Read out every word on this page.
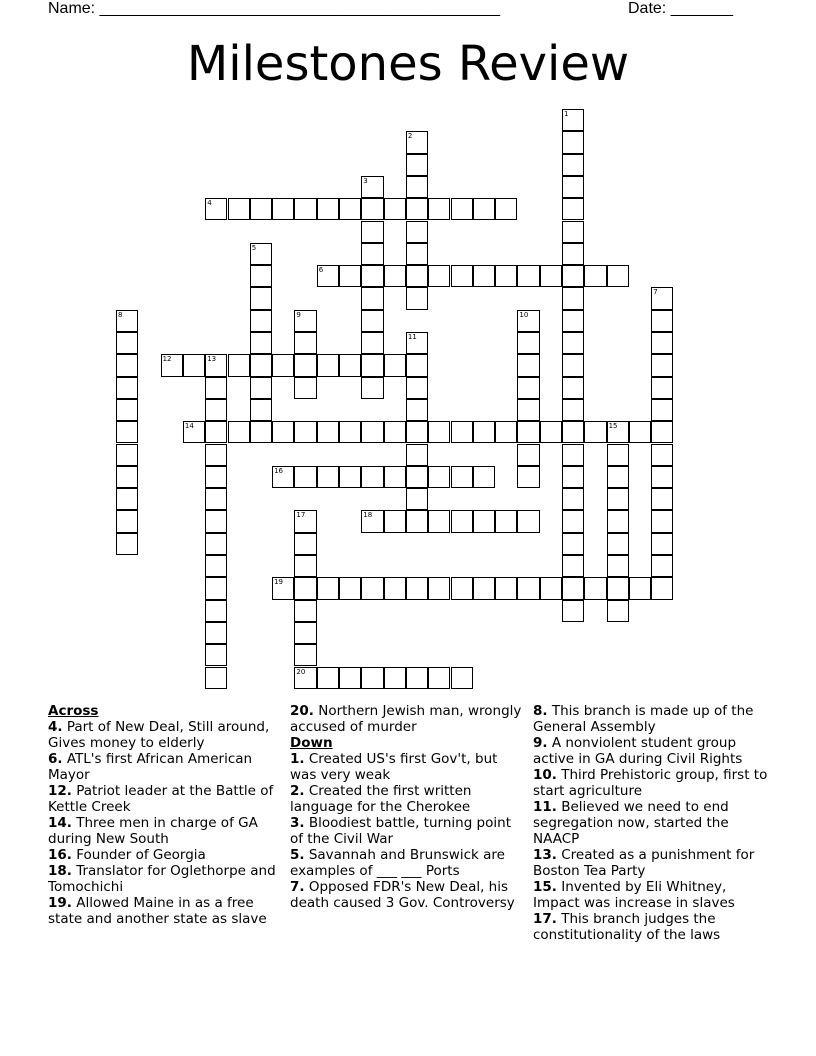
Name: _____________________________________________	Date: _______
Milestones Review
1
2
3
4
5
6
7
8	9	10
11
12	13
14	15
16
17
20
18
19
Across
4. Part of New Deal, Still around, Gives money to elderly
6. ATL's first African American Mayor
12. Patriot leader at the Battle of Kettle Creek
14. Three men in charge of GA during New South
16. Founder of Georgia
18. Translator for Oglethorpe and Tomochichi
19. Allowed Maine in as a free state and another state as slave
20. Northern Jewish man, wrongly accused of murder
Down
1. Created US's first Gov't, but was very weak
2. Created the first written language for the Cherokee
3. Bloodiest battle, turning point of the Civil War
5. Savannah and Brunswick are examples of ___ ___ Ports
7. Opposed FDR's New Deal, his death caused 3 Gov. Controversy
8. This branch is made up of the General Assembly
9. A nonviolent student group active in GA during Civil Rights
10. Third Prehistoric group, first to start agriculture
11. Believed we need to end segregation now, started the NAACP
13. Created as a punishment for Boston Tea Party
15. Invented by Eli Whitney, Impact was increase in slaves
17. This branch judges the constitutionality of the laws
